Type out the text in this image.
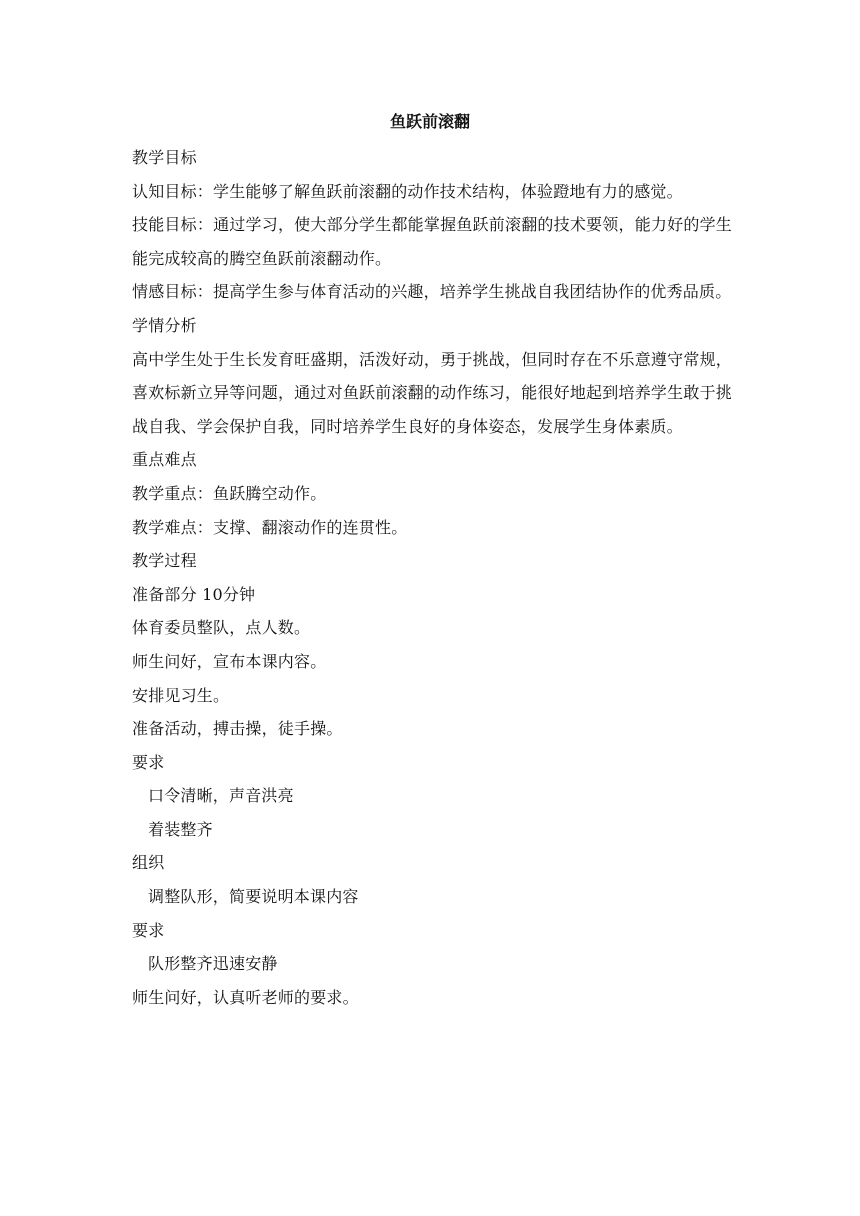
鱼跃前滚翻
教学目标
认知目标：学生能够了解鱼跃前滚翻的动作技术结构，体验蹬地有力的感觉。
技能目标：通过学习，使大部分学生都能掌握鱼跃前滚翻的技术要领，能力好的学生能完成较高的腾空鱼跃前滚翻动作。
情感目标：提高学生参与体育活动的兴趣，培养学生挑战自我团结协作的优秀品质。
学情分析
高中学生处于生长发育旺盛期，活泼好动，勇于挑战，但同时存在不乐意遵守常规，喜欢标新立异等问题，通过对鱼跃前滚翻的动作练习，能很好地起到培养学生敢于挑战自我、学会保护自我，同时培养学生良好的身体姿态，发展学生身体素质。
重点难点
教学重点：鱼跃腾空动作。
教学难点：支撑、翻滚动作的连贯性。
教学过程
准备部分 10分钟
体育委员整队，点人数。
师生问好，宣布本课内容。
安排见习生。
准备活动，搏击操，徒手操。
要求
口令清晰，声音洪亮
着装整齐
组织
调整队形，简要说明本课内容
要求
队形整齐迅速安静
师生问好，认真听老师的要求。
